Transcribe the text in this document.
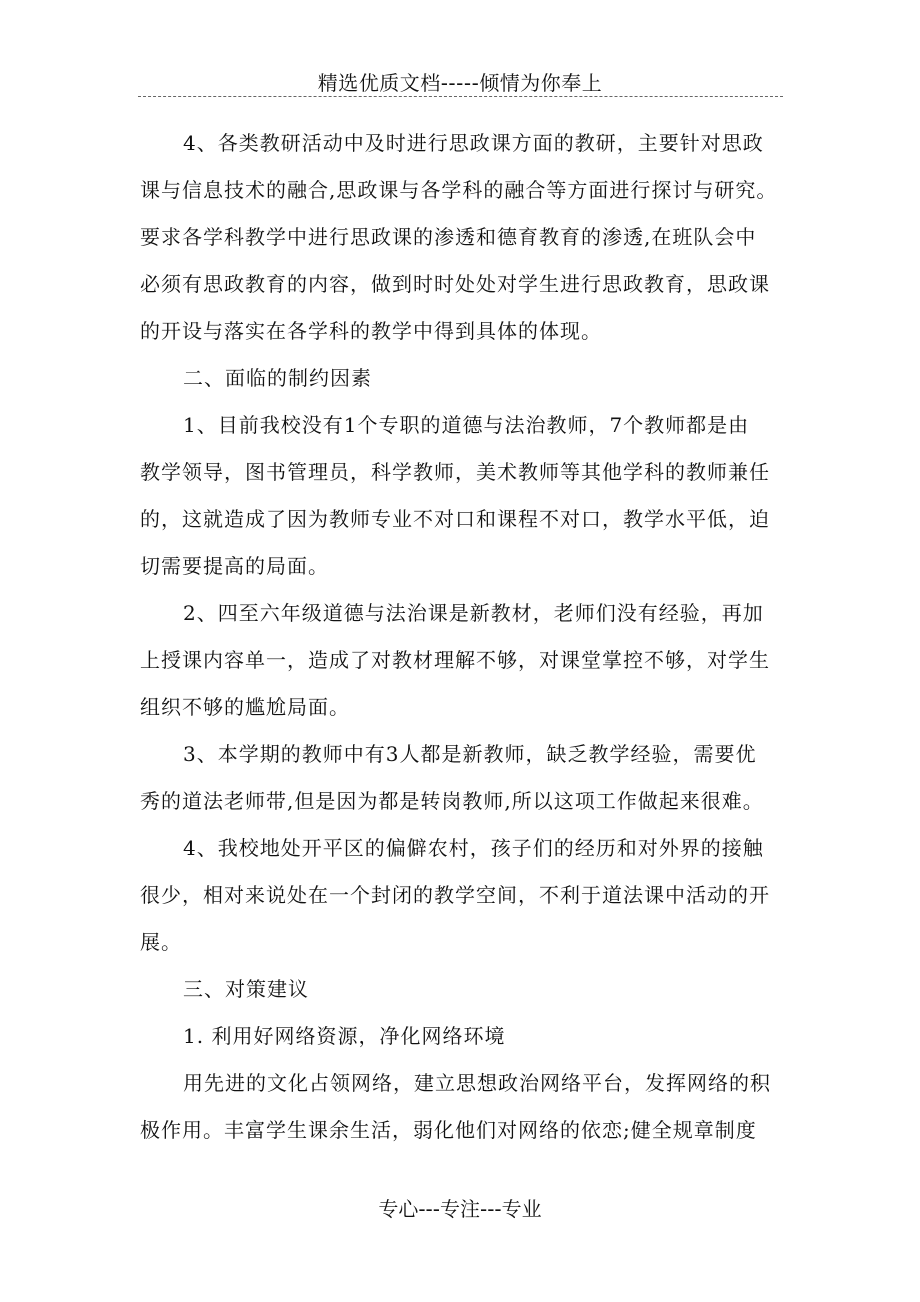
精选优质文档-----倾情为你奉上
4、各类教研活动中及时进行思政课方面的教研，主要针对思政
课与信息技术的融合,思政课与各学科的融合等方面进行探讨与研究。
要求各学科教学中进行思政课的渗透和德育教育的渗透,在班队会中
必须有思政教育的内容，做到时时处处对学生进行思政教育，思政课
的开设与落实在各学科的教学中得到具体的体现。
二、面临的制约因素
1、目前我校没有1个专职的道德与法治教师，7个教师都是由
教学领导，图书管理员，科学教师，美术教师等其他学科的教师兼任
的，这就造成了因为教师专业不对口和课程不对口，教学水平低，迫
切需要提高的局面。
2、四至六年级道德与法治课是新教材，老师们没有经验，再加
上授课内容单一，造成了对教材理解不够，对课堂掌控不够，对学生
组织不够的尴尬局面。
3、本学期的教师中有3人都是新教师，缺乏教学经验，需要优
秀的道法老师带,但是因为都是转岗教师,所以这项工作做起来很难。
4、我校地处开平区的偏僻农村，孩子们的经历和对外界的接触
很少，相对来说处在一个封闭的教学空间，不利于道法课中活动的开
展。
三、对策建议
1. 利用好网络资源，净化网络环境
用先进的文化占领网络，建立思想政治网络平台，发挥网络的积
极作用。丰富学生课余生活，弱化他们对网络的依恋;健全规章制度
专心---专注---专业
